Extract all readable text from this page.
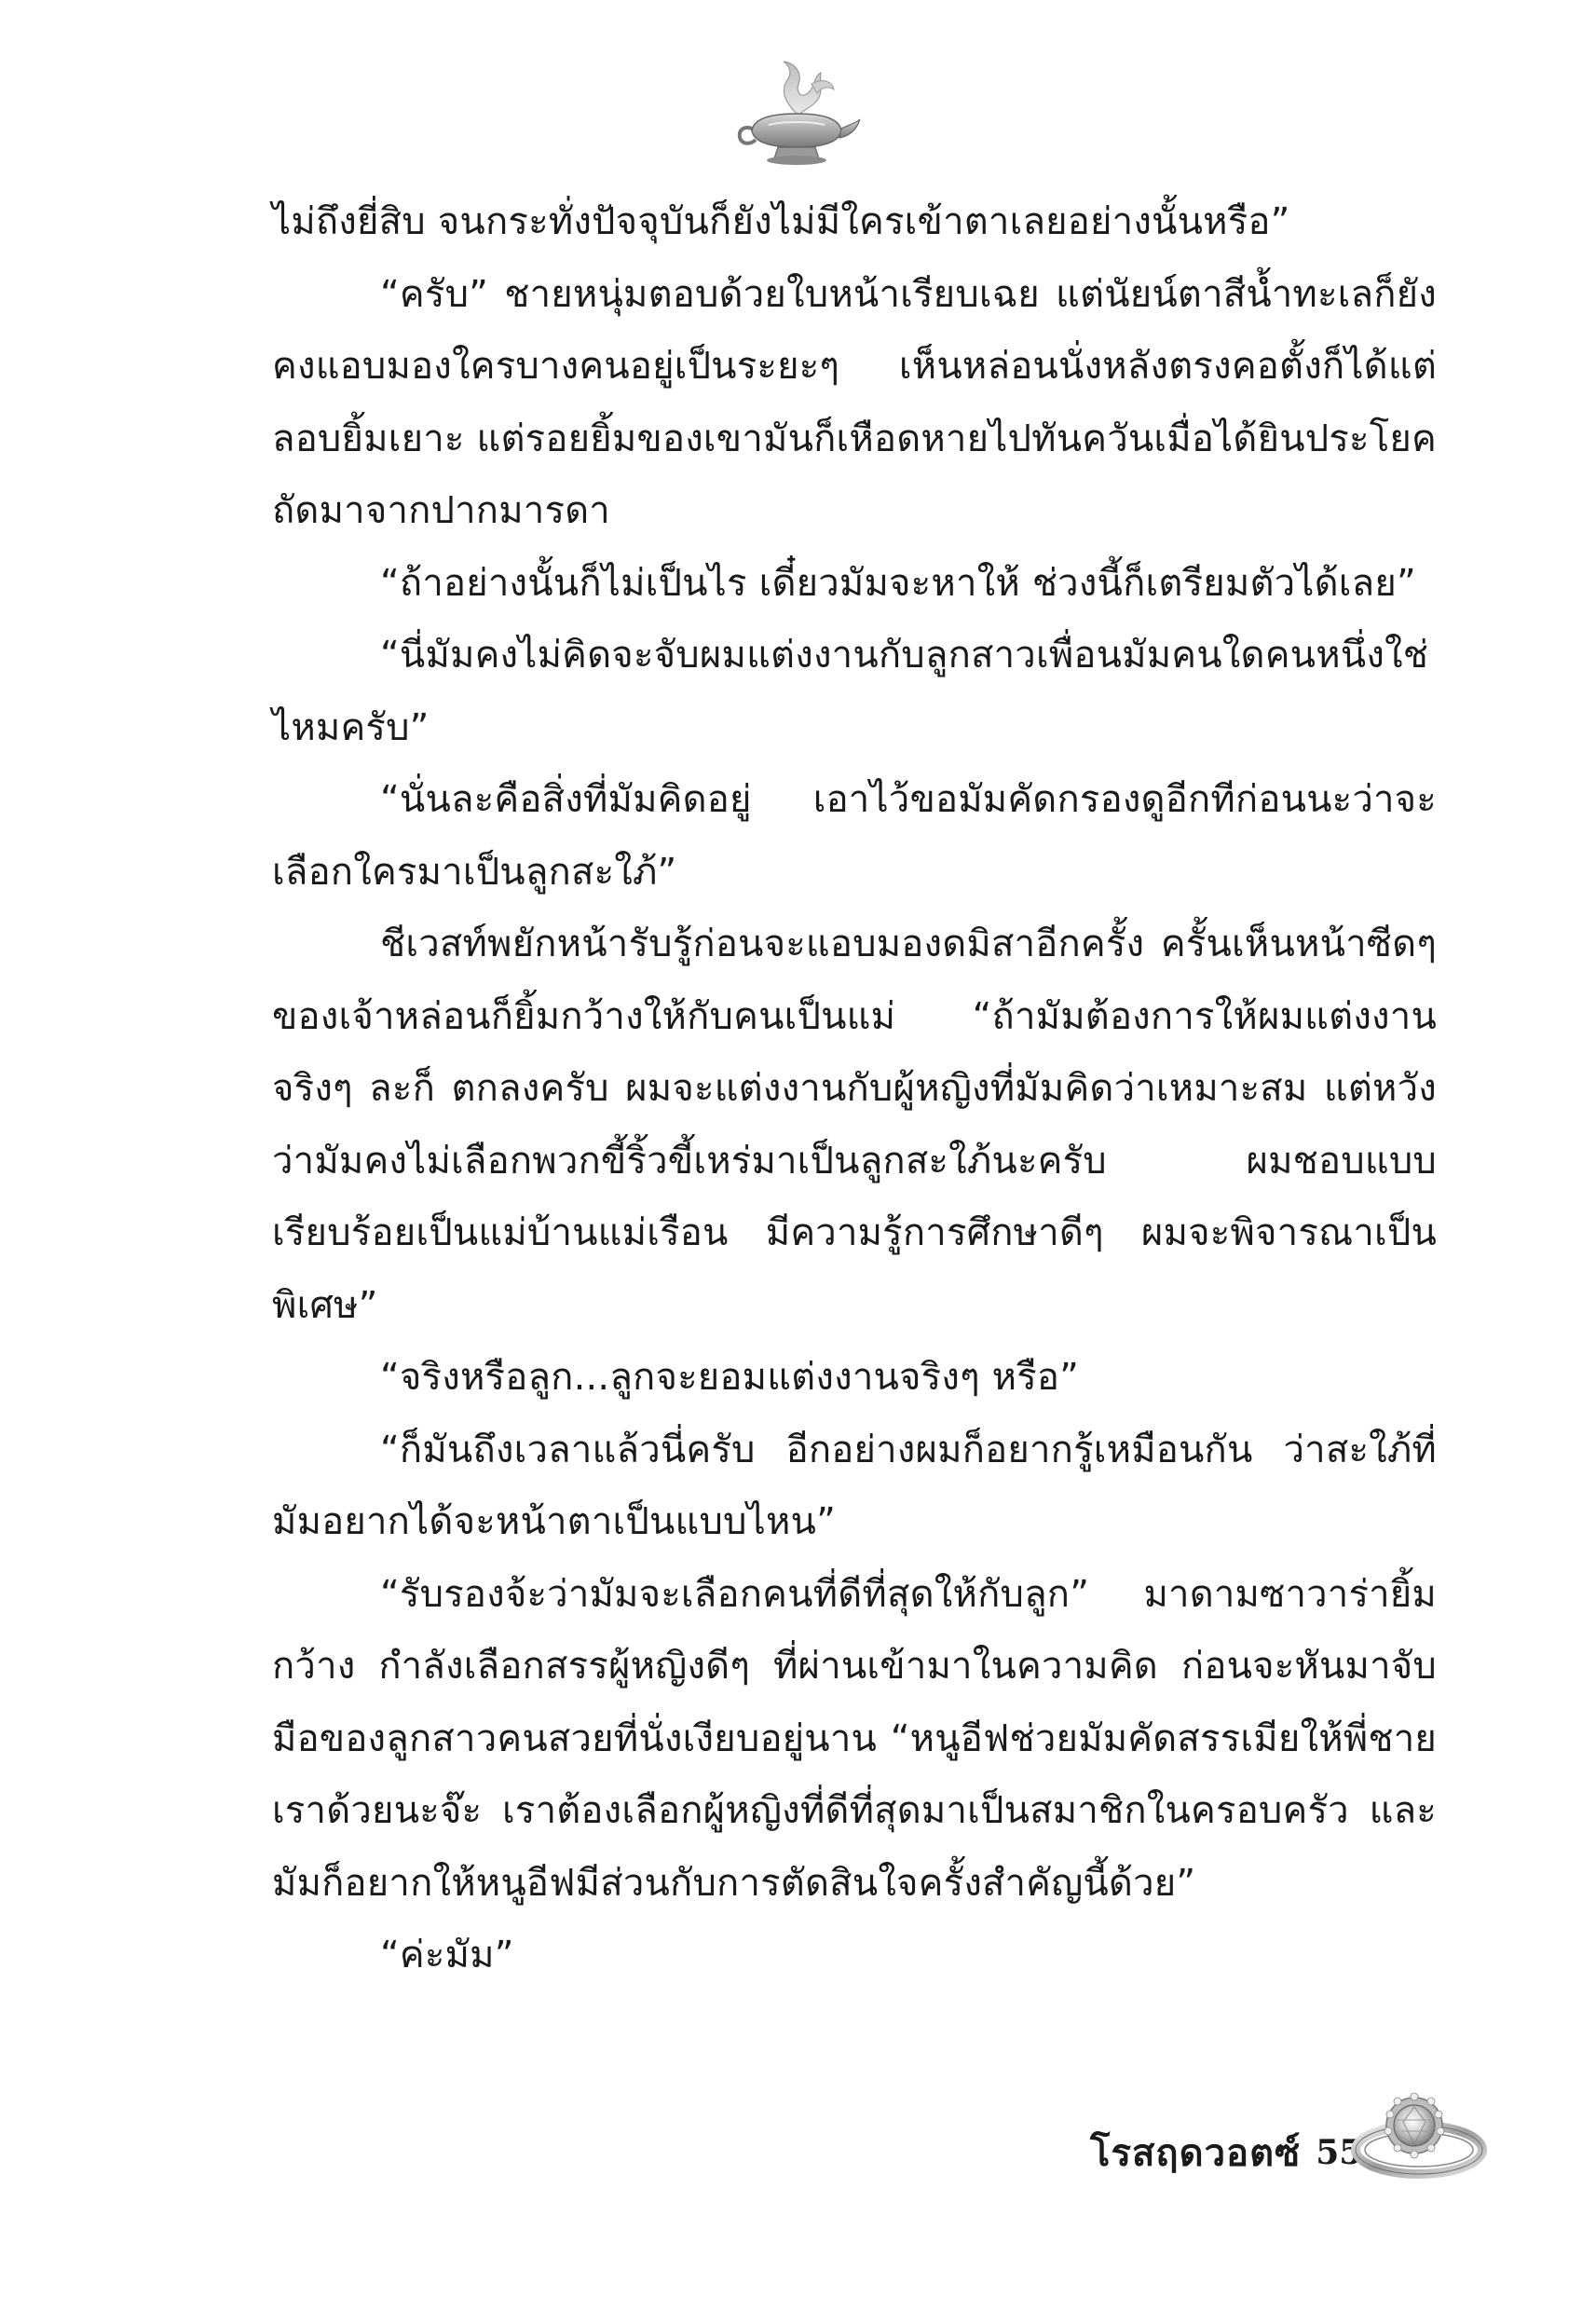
ไม่ถึงยี่สิบ จนกระทั่งปัจจุบันก็ยังไม่มีใครเข้าตาเลยอย่างนั้นหรือ”

“ครับ” ชายหนุ่มตอบด้วยใบหน้าเรียบเฉย แต่นัยน์ตาสีน้ำทะเลก็ยังคงแอบมองใครบางคนอยู่เป็นระยะๆ เห็นหล่อนนั่งหลังตรงคอตั้งก็ได้แต่ลอบยิ้มเยาะ แต่รอยยิ้มของเขามันก็เหือดหายไปทันควันเมื่อได้ยินประโยคถัดมาจากปากมารดา

“ถ้าอย่างนั้นก็ไม่เป็นไร เดี๋ยวมัมจะหาให้ ช่วงนี้ก็เตรียมตัวได้เลย”

“นี่มัมคงไม่คิดจะจับผมแต่งงานกับลูกสาวเพื่อนมัมคนใดคนหนึ่งใช่ไหมครับ”

“นั่นละคือสิ่งที่มัมคิดอยู่ เอาไว้ขอมัมคัดกรองดูอีกทีก่อนนะว่าจะเลือกใครมาเป็นลูกสะใภ้”

ชีเวสท์พยักหน้ารับรู้ก่อนจะแอบมองดมิสาอีกครั้ง ครั้นเห็นหน้าซีดๆ ของเจ้าหล่อนก็ยิ้มกว้างให้กับคนเป็นแม่ “ถ้ามัมต้องการให้ผมแต่งงานจริงๆ ละก็ ตกลงครับ ผมจะแต่งงานกับผู้หญิงที่มัมคิดว่าเหมาะสม แต่หวังว่ามัมคงไม่เลือกพวกขี้ริ้วขี้เหร่มาเป็นลูกสะใภ้นะครับ ผมชอบแบบเรียบร้อยเป็นแม่บ้านแม่เรือน มีความรู้การศึกษาดีๆ ผมจะพิจารณาเป็นพิเศษ”

“จริงหรือลูก...ลูกจะยอมแต่งงานจริงๆ หรือ”

“ก็มันถึงเวลาแล้วนี่ครับ อีกอย่างผมก็อยากรู้เหมือนกัน ว่าสะใภ้ที่มัมอยากได้จะหน้าตาเป็นแบบไหน”

“รับรองจ้ะว่ามัมจะเลือกคนที่ดีที่สุดให้กับลูก” มาดามซาวาร่ายิ้มกว้าง กำลังเลือกสรรผู้หญิงดีๆ ที่ผ่านเข้ามาในความคิด ก่อนจะหันมาจับมือของลูกสาวคนสวยที่นั่งเงียบอยู่นาน “หนูอีฟช่วยมัมคัดสรรเมียให้พี่ชายเราด้วยนะจ๊ะ เราต้องเลือกผู้หญิงที่ดีที่สุดมาเป็นสมาชิกในครอบครัว และมัมก็อยากให้หนูอีฟมีส่วนกับการตัดสินใจครั้งสำคัญนี้ด้วย”

“ค่ะมัม”

โรสฤดวอตซ์ 55
